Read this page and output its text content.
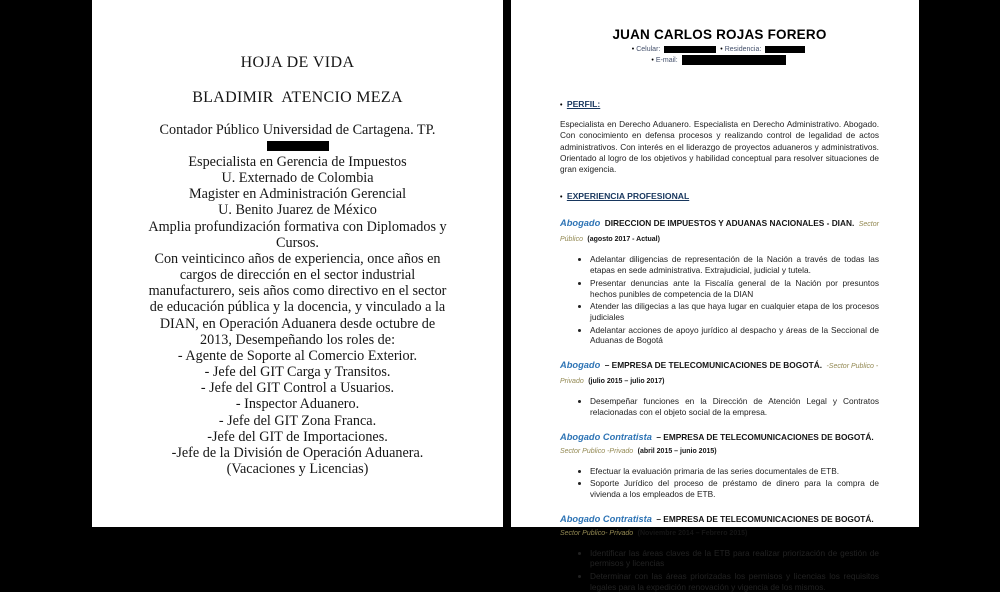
HOJA DE VIDA
BLADIMIR  ATENCIO MEZA
Contador Público Universidad de Cartagena. TP.
Especialista en Gerencia de Impuestos
U. Externado de Colombia
Magister en Administración Gerencial
U. Benito Juarez de México
Amplia profundización formativa con Diplomados y
Cursos.
Con veinticinco años de experiencia, once años en
cargos de dirección en el sector industrial
manufacturero, seis años como directivo en el sector
de educación pública y la docencia, y vinculado a la
DIAN, en Operación Aduanera desde octubre de
2013, Desempeñando los roles de:
- Agente de Soporte al Comercio Exterior.
- Jefe del GIT Carga y Transitos.
- Jefe del GIT Control a Usuarios.
- Inspector Aduanero.
- Jefe del GIT Zona Franca.
-Jefe del GIT de Importaciones.
-Jefe de la División de Operación Aduanera.
(Vacaciones y Licencias)
JUAN CARLOS ROJAS FORERO
• Celular:	• Residencia:
• E-mail:
• PERFIL:

Especialista en Derecho Aduanero. Especialista en Derecho Administrativo. Abogado. Con conocimiento en defensa procesos y realizando control de legalidad de actos administrativos. Con interés en el liderazgo de proyectos aduaneros y administrativos. Orientado al logro de los objetivos y habilidad conceptual para resolver situaciones de gran exigencia.

• EXPERIENCIA PROFESIONAL
Abogado DIRECCION DE IMPUESTOS Y ADUANAS NACIONALES - DIAN. Sector Público (agosto 2017 - Actual)
• Adelantar diligencias de representación de la Nación a través de todas las etapas en sede administrativa. Extrajudicial, judicial y tutela.
• Presentar denuncias ante la Fiscalía general de la Nación por presuntos hechos punibles de competencia de la DIAN
• Atender las diligecias a las que haya lugar en cualquier etapa de los procesos judiciales
• Adelantar acciones de apoyo jurídico al despacho y áreas de la Seccional de Aduanas de Bogotá
Abogado – EMPRESA DE TELECOMUNICACIONES DE BOGOTÁ. -Sector Publico -Privado (julio 2015 – julio 2017)
• Desempeñar funciones en la Dirección de Atención Legal y Contratos relacionadas con el objeto social de la empresa.
Abogado Contratista – EMPRESA DE TELECOMUNICACIONES DE BOGOTÁ. Sector Publico -Privado (abril 2015 – junio 2015)
• Efectuar la evaluación primaria de las series documentales de ETB.
• Soporte Jurídico del proceso de préstamo de dinero para la compra de vivienda a los empleados de ETB.
Abogado Contratista – EMPRESA DE TELECOMUNICACIONES DE BOGOTÁ. Sector Publico- Privado (Noviembre 2014 – Febrero 2015)
• Identificar las áreas claves de la ETB para realizar priorización de gestión de permisos y licencias
• Determinar con las áreas priorizadas los permisos y licencias los requisitos legales para la expedición renovación y vigencia de los mismos.
